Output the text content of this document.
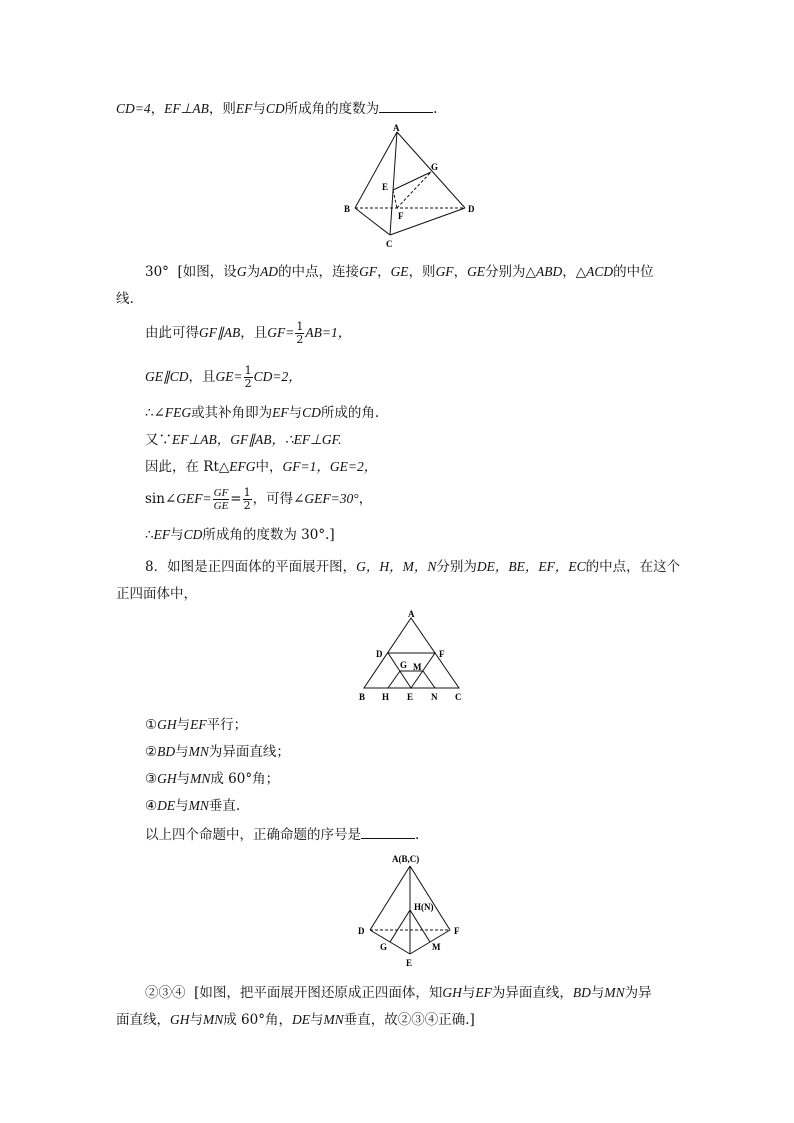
CD=4，EF⊥AB，则EF与CD所成角的度数为	.
A
G
E
B
F
D
C
30° [如图，设G为AD的中点，连接GF，GE，则GF，GE分别为△ABD，△ACD的中位
线.
由此可得GF∥AB，且$GF= \frac{1}{2} AB=1$，
GE∥CD，且$GE= \frac{1}{2} CD=2$，
∴∠FEG或其补角即为EF与CD所成的角.
又∵EF⊥AB，GF∥AB，∴EF⊥GF.
因此，在 Rt△EFG中，GF=1，GE=2，
sin∠GEF= $\frac{GF}{GE} = \frac{1}{2}$ ，可得∠GEF=30°，
∴EF与CD所成角的度数为 30°.]
8．如图是正四面体的平面展开图，G，H，M，N分别为DE，BE，EF，EC的中点，在这个
正四面体中，
A
D	F
G M
B H E N C
①GH与EF平行；
②BD与MN为异面直线；
③GH与MN成 60°角；
④DE与MN垂直.
以上四个命题中，正确命题的序号是	.
A(B,C)
H(N)
D	F
G	M
E
②③④ [如图，把平面展开图还原成正四面体，知GH与EF为异面直线，BD与MN为异
面直线，GH与MN成 60°角，DE与MN垂直，故②③④正确.]
